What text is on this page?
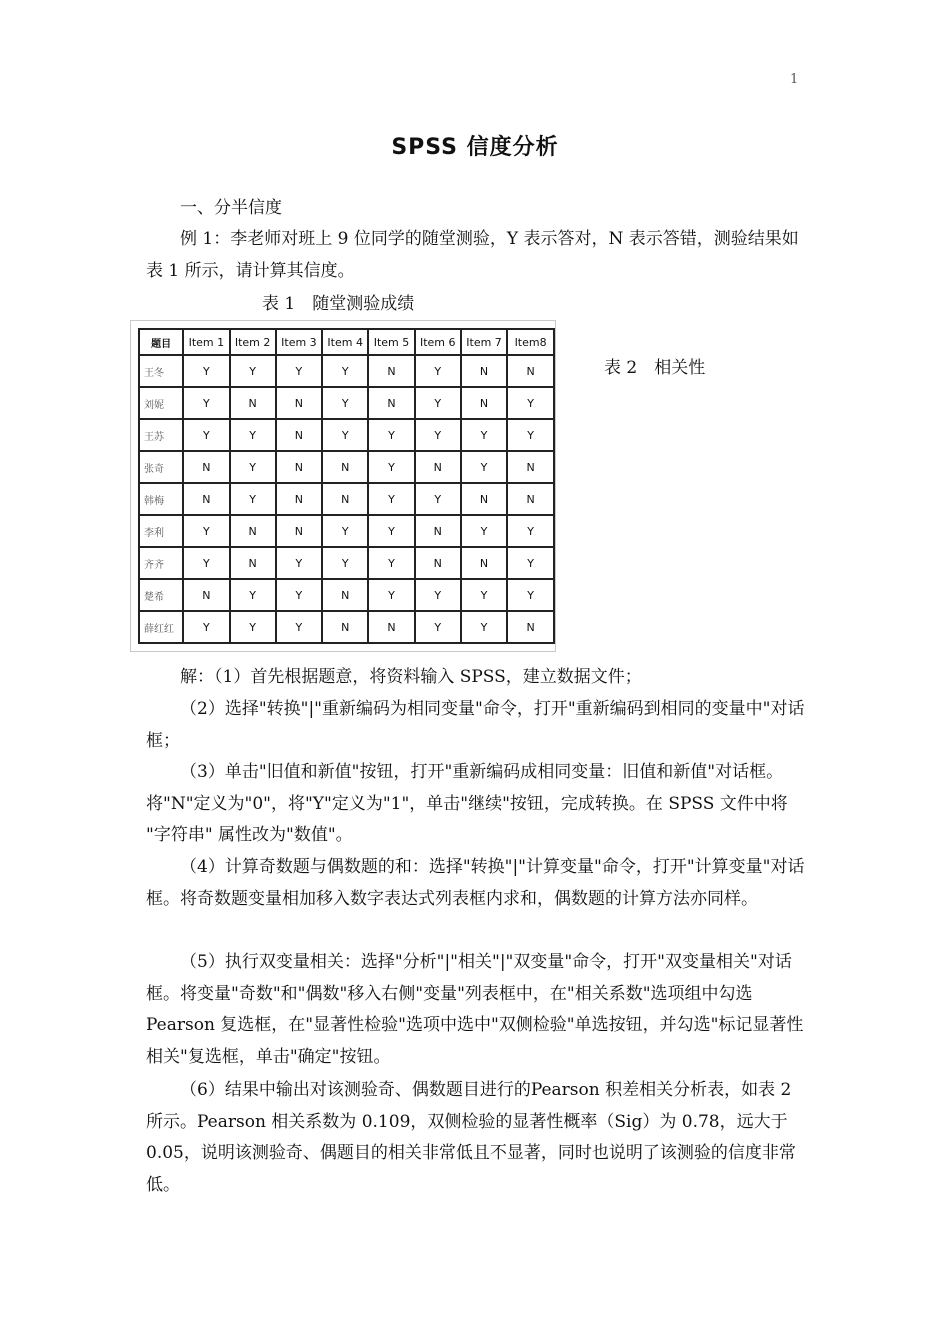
1
SPSS 信度分析

一、分半信度

例 1：李老师对班上 9 位同学的随堂测验，Y 表示答对，N 表示答错，测验结果如表 1 所示，请计算其信度。

表 1　随堂测验成绩
表 2　相关性
题目	Item 1	Item 2	Item 3	Item 4	Item 5	Item 6	Item 7	Item8
王冬	Y	Y	Y	Y	N	Y	N	N
刘妮	Y	N	N	Y	N	Y	N	Y
王苏	Y	Y	N	Y	Y	Y	Y	Y
张奇	N	Y	N	N	Y	N	Y	N
韩梅	N	Y	N	N	Y	Y	N	N
李利	Y	N	N	Y	Y	N	Y	Y
齐齐	Y	N	Y	Y	Y	N	N	Y
楚希	N	Y	Y	N	Y	Y	Y	Y
薛红红	Y	Y	Y	N	N	Y	Y	N

解：（1）首先根据题意，将资料输入 SPSS，建立数据文件；

（2）选择"转换"|"重新编码为相同变量"命令，打开"重新编码到相同的变量中"对话框；

（3）单击"旧值和新值"按钮，打开"重新编码成相同变量：旧值和新值"对话框。将"N"定义为"0"，将"Y"定义为"1"，单击"继续"按钮，完成转换。在 SPSS 文件中将 "字符串" 属性改为"数值"。

（4）计算奇数题与偶数题的和：选择"转换"|"计算变量"命令，打开"计算变量"对话框。将奇数题变量相加移入数字表达式列表框内求和，偶数题的计算方法亦同样。

（5）执行双变量相关：选择"分析"|"相关"|"双变量"命令，打开"双变量相关"对话框。将变量"奇数"和"偶数"移入右侧"变量"列表框中，在"相关系数"选项组中勾选 Pearson 复选框，在"显著性检验"选项中选中"双侧检验"单选按钮，并勾选"标记显著性相关"复选框，单击"确定"按钮。

（6）结果中输出对该测验奇、偶数题目进行的Pearson 积差相关分析表，如表 2 所示。Pearson 相关系数为 0.109，双侧检验的显著性概率（Sig）为 0.78，远大于 0.05，说明该测验奇、偶题目的相关非常低且不显著，同时也说明了该测验的信度非常低。
